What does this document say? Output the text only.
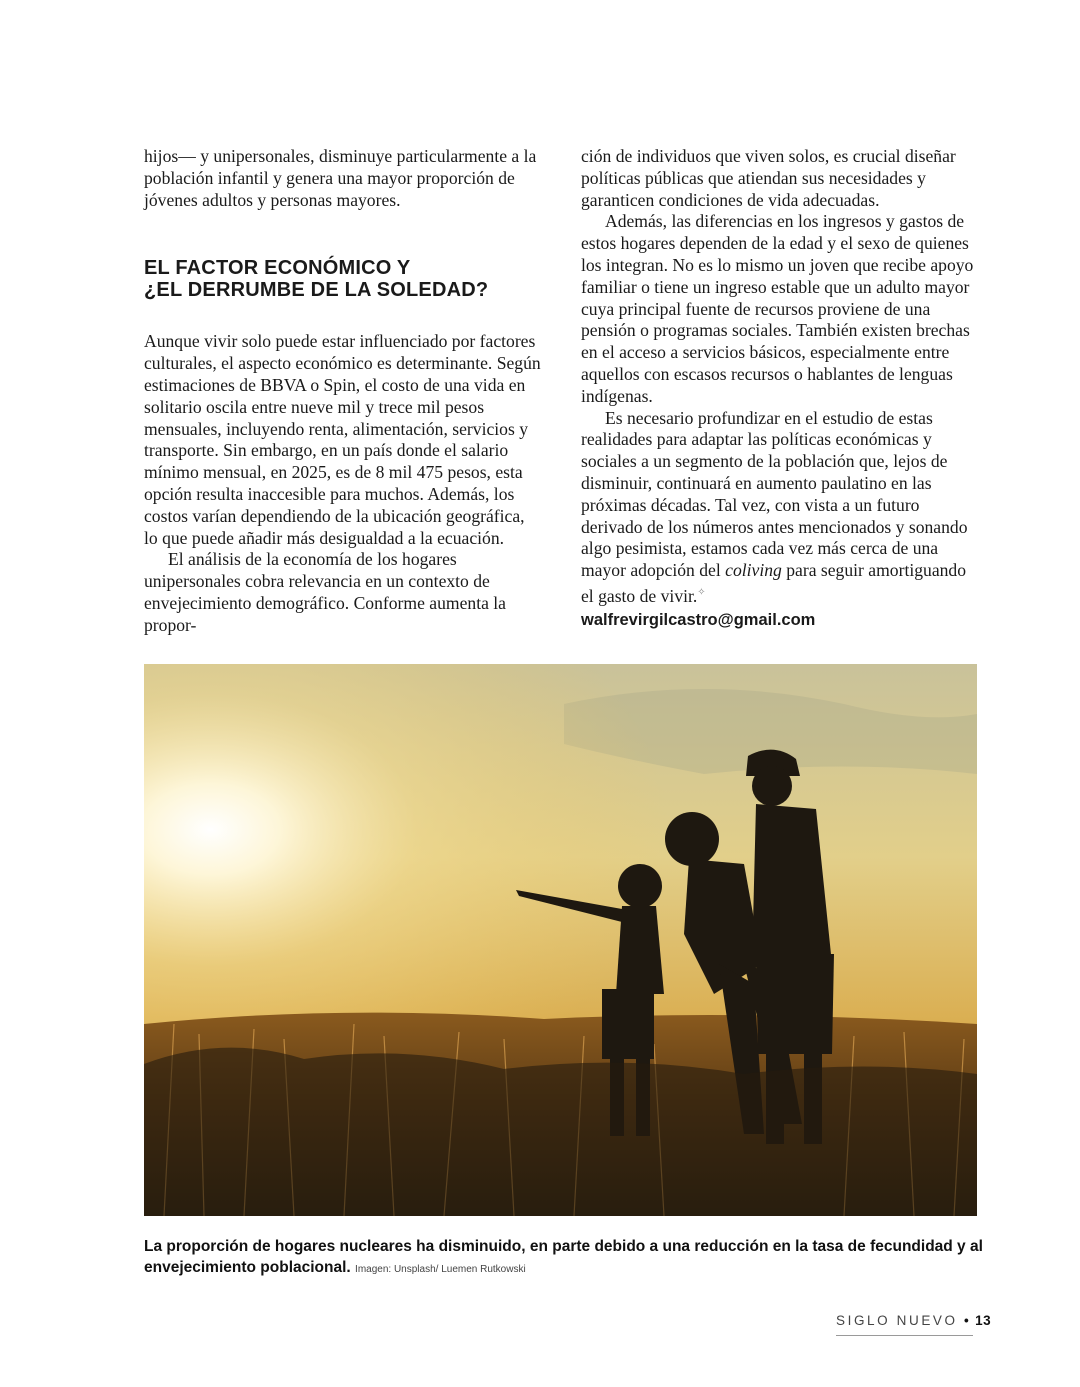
hijos— y unipersonales, disminuye particularmente a la población infantil y genera una mayor proporción de jóvenes adultos y personas mayores.

EL FACTOR ECONÓMICO Y
¿EL DERRUMBE DE LA SOLEDAD?

Aunque vivir solo puede estar influenciado por factores culturales, el aspecto económico es determinante. Según estimaciones de BBVA o Spin, el costo de una vida en solitario oscila entre nueve mil y trece mil pesos mensuales, incluyendo renta, alimentación, servicios y transporte. Sin embargo, en un país donde el salario mínimo mensual, en 2025, es de 8 mil 475 pesos, esta opción resulta inaccesible para muchos. Además, los costos varían dependiendo de la ubicación geográfica, lo que puede añadir más desigualdad a la ecuación.

El análisis de la economía de los hogares unipersonales cobra relevancia en un contexto de envejecimiento demográfico. Conforme aumenta la propor-

ción de individuos que viven solos, es crucial diseñar políticas públicas que atiendan sus necesidades y garanticen condiciones de vida adecuadas.

Además, las diferencias en los ingresos y gastos de estos hogares dependen de la edad y el sexo de quienes los integran. No es lo mismo un joven que recibe apoyo familiar o tiene un ingreso estable que un adulto mayor cuya principal fuente de recursos proviene de una pensión o programas sociales. También existen brechas en el acceso a servicios básicos, especialmente entre aquellos con escasos recursos o hablantes de lenguas indígenas.

Es necesario profundizar en el estudio de estas realidades para adaptar las políticas económicas y sociales a un segmento de la población que, lejos de disminuir, continuará en aumento paulatino en las próximas décadas. Tal vez, con vista a un futuro derivado de los números antes mencionados y sonando algo pesimista, estamos cada vez más cerca de una mayor adopción del coliving para seguir amortiguando el gasto de vivir.✧

walfrevirgilcastro@gmail.com

La proporción de hogares nucleares ha disminuido, en parte debido a una reducción en la tasa de fecundidad y al envejecimiento poblacional. Imagen: Unsplash/ Luemen Rutkowski
SIGLO NUEVO • 13
